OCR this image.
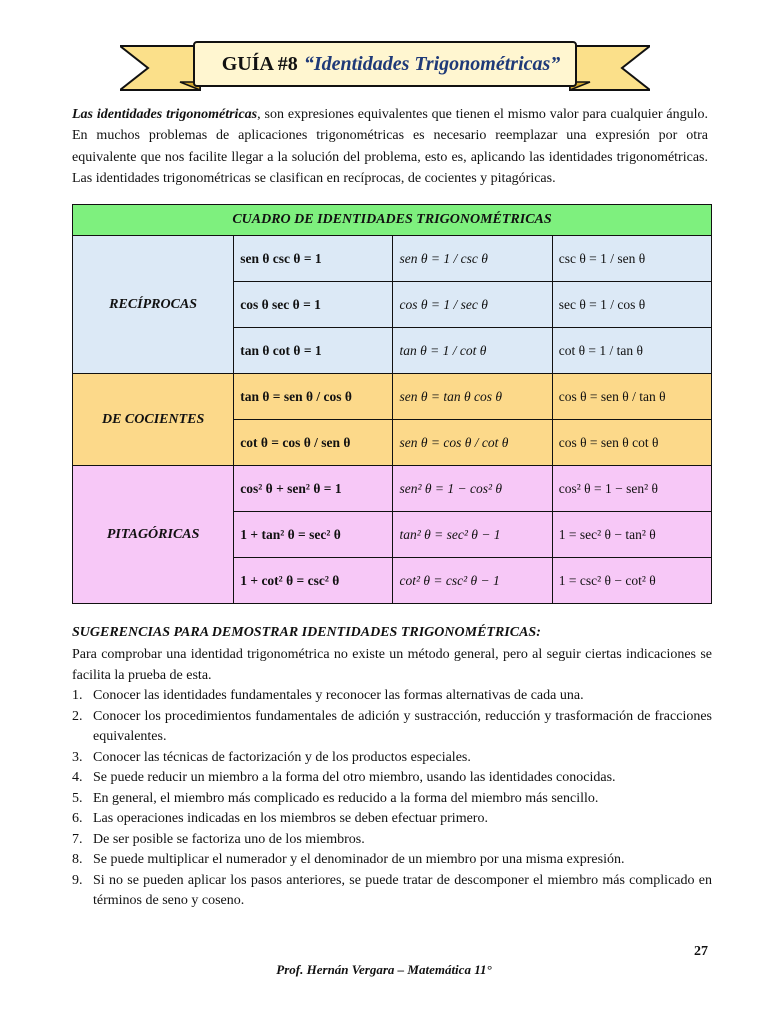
GUÍA #8 “Identidades Trigonométricas”

Las identidades trigonométricas, son expresiones equivalentes que tienen el mismo valor para cualquier ángulo. En muchos problemas de aplicaciones trigonométricas es necesario reemplazar una expresión por otra equivalente que nos facilite llegar a la solución del problema, esto es, aplicando las identidades trigonométricas. Las identidades trigonométricas se clasifican en recíprocas, de cocientes y pitagóricas.

CUADRO DE IDENTIDADES TRIGONOMÉTRICAS			
RECÍPROCAS	sen θ csc θ = 1	sen θ = 1 / csc θ	csc θ = 1 / sen θ
	cos θ sec θ = 1	cos θ = 1 / sec θ	sec θ = 1 / cos θ
	tan θ cot θ = 1	tan θ = 1 / cot θ	cot θ = 1 / tan θ
DE COCIENTES	tan θ = sen θ / cos θ	sen θ = tan θ cos θ	cos θ = sen θ / tan θ
	cot θ = cos θ / sen θ	sen θ = cos θ / cot θ	cos θ = sen θ cot θ
PITAGÓRICAS	cos² θ + sen² θ = 1	sen² θ = 1 − cos² θ	cos² θ = 1 − sen² θ
	1 + tan² θ = sec² θ	tan² θ = sec² θ − 1	1 = sec² θ − tan² θ
	1 + cot² θ = csc² θ	cot² θ = csc² θ − 1	1 = csc² θ − cot² θ
SUGERENCIAS PARA DEMOSTRAR IDENTIDADES TRIGONOMÉTRICAS:
Para comprobar una identidad trigonométrica no existe un método general, pero al seguir ciertas indicaciones se facilita la prueba de esta.
1. Conocer las identidades fundamentales y reconocer las formas alternativas de cada una.
2. Conocer los procedimientos fundamentales de adición y sustracción, reducción y trasformación de fracciones equivalentes.
3. Conocer las técnicas de factorización y de los productos especiales.
4. Se puede reducir un miembro a la forma del otro miembro, usando las identidades conocidas.
5. En general, el miembro más complicado es reducido a la forma del miembro más sencillo.
6. Las operaciones indicadas en los miembros se deben efectuar primero.
7. De ser posible se factoriza uno de los miembros.
8. Se puede multiplicar el numerador y el denominador de un miembro por una misma expresión.
9. Si no se pueden aplicar los pasos anteriores, se puede tratar de descomponer el miembro más complicado en términos de seno y coseno.
27
Prof. Hernán Vergara – Matemática 11°
